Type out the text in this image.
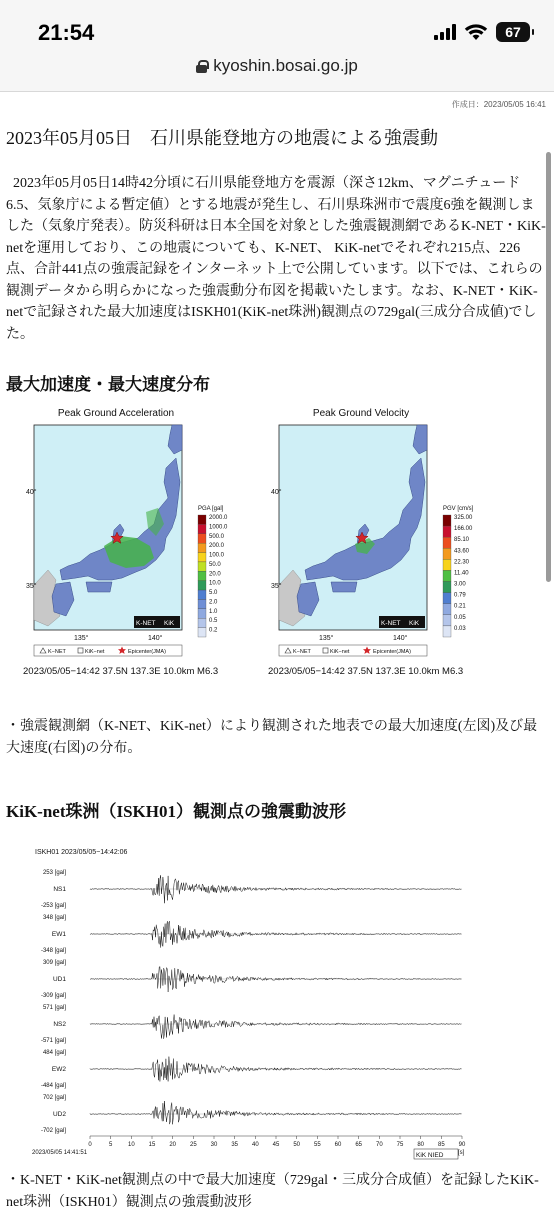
21:54	67
kyoshin.bosai.go.jp
作成日：2023/05/05 16:41
2023年05月05日　石川県能登地方の地震による強震動

2023年05月05日14時42分頃に石川県能登地方を震源（深さ12km、マグニチュード6.5、気象庁による暫定値）とする地震が発生し、石川県珠洲市で震度6強を観測しました（気象庁発表）。防災科研は日本全国を対象とした強震観測網であるK-NET・KiK-netを運用しており、この地震についても、K-NET、 KiK-netでそれぞれ215点、226点、合計441点の強震記録をインターネット上で公開しています。以下では、これらの観測データから明らかになった強震動分布図を掲載いたします。なお、K-NET・KiK-netで記録された最大加速度はISKH01(KiK-net珠洲)観測点の729gal(三成分合成値)でした。

最大加速度・最大速度分布
Peak Ground Acceleration
40°
35°
135°	140°
K-NET KiK
K−NET	KiK−net	Epicenter(JMA)
PGA [gal]
2000.0
1000.0
500.0
200.0
100.0
50.0
20.0
10.0
5.0
2.0
1.0
0.5
0.2
2023/05/05−14:42 37.5N 137.3E 10.0km M6.3
Peak Ground Velocity
40°
35°
135°	140°
K-NET KiK
K−NET	KiK−net	Epicenter(JMA)
PGV [cm/s]
325.00
166.00
85.10
43.60
22.30
11.40
3.00
0.79
0.21
0.05
0.03
2023/05/05−14:42 37.5N 137.3E 10.0km M6.3

・強震観測網（K-NET、KiK-net）により観測された地表での最大加速度(左図)及び最大速度(右図)の分布。

KiK-net珠洲（ISKH01）観測点の強震動波形
ISKH01 2023/05/05−14:42:06
253 [gal]
NS1
-253 [gal]
348 [gal]
EW1
-348 [gal]
309 [gal]
UD1
-309 [gal]
571 [gal]
NS2
-571 [gal]
484 [gal]
EW2
-484 [gal]
702 [gal]
UD2
-702 [gal]
0	5	10 15 20 25 30 35 40 45 50 55 60 65 70 75 80 85 90
[s]
2023/05/05 14:41:51	KiK NIED

・K-NET・KiK-net観測点の中で最大加速度（729gal・三成分合成値）を記録したKiK-net珠洲（ISKH01）観測点の強震動波形
